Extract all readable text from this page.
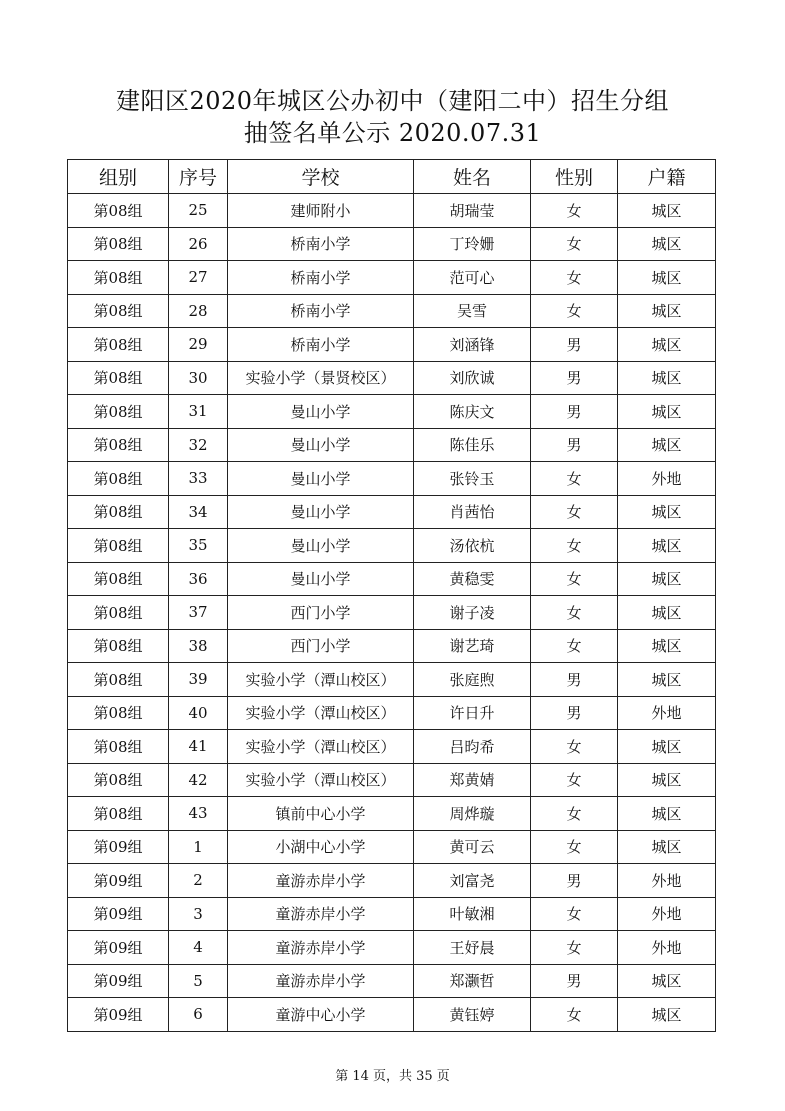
建阳区2020年城区公办初中（建阳二中）招生分组
抽签名单公示 2020.07.31
组别	序号	学校	姓名	性别	户籍
第08组	25	建师附小	胡瑞莹	女	城区
第08组	26	桥南小学	丁玲姗	女	城区
第08组	27	桥南小学	范可心	女	城区
第08组	28	桥南小学	吴雪	女	城区
第08组	29	桥南小学	刘涵锋	男	城区
第08组	30	实验小学（景贤校区）	刘欣诚	男	城区
第08组	31	曼山小学	陈庆文	男	城区
第08组	32	曼山小学	陈佳乐	男	城区
第08组	33	曼山小学	张铃玉	女	外地
第08组	34	曼山小学	肖茜怡	女	城区
第08组	35	曼山小学	汤依杭	女	城区
第08组	36	曼山小学	黄稳雯	女	城区
第08组	37	西门小学	谢子凌	女	城区
第08组	38	西门小学	谢艺琦	女	城区
第08组	39	实验小学（潭山校区）	张庭煦	男	城区
第08组	40	实验小学（潭山校区）	许日升	男	外地
第08组	41	实验小学（潭山校区）	吕昀希	女	城区
第08组	42	实验小学（潭山校区）	郑黄婧	女	城区
第08组	43	镇前中心小学	周烨璇	女	城区
第09组	1	小湖中心小学	黄可云	女	城区
第09组	2	童游赤岸小学	刘富尧	男	外地
第09组	3	童游赤岸小学	叶敏湘	女	外地
第09组	4	童游赤岸小学	王妤晨	女	外地
第09组	5	童游赤岸小学	郑灏哲	男	城区
第09组	6	童游中心小学	黄钰婷	女	城区
第 14 页，共 35 页
